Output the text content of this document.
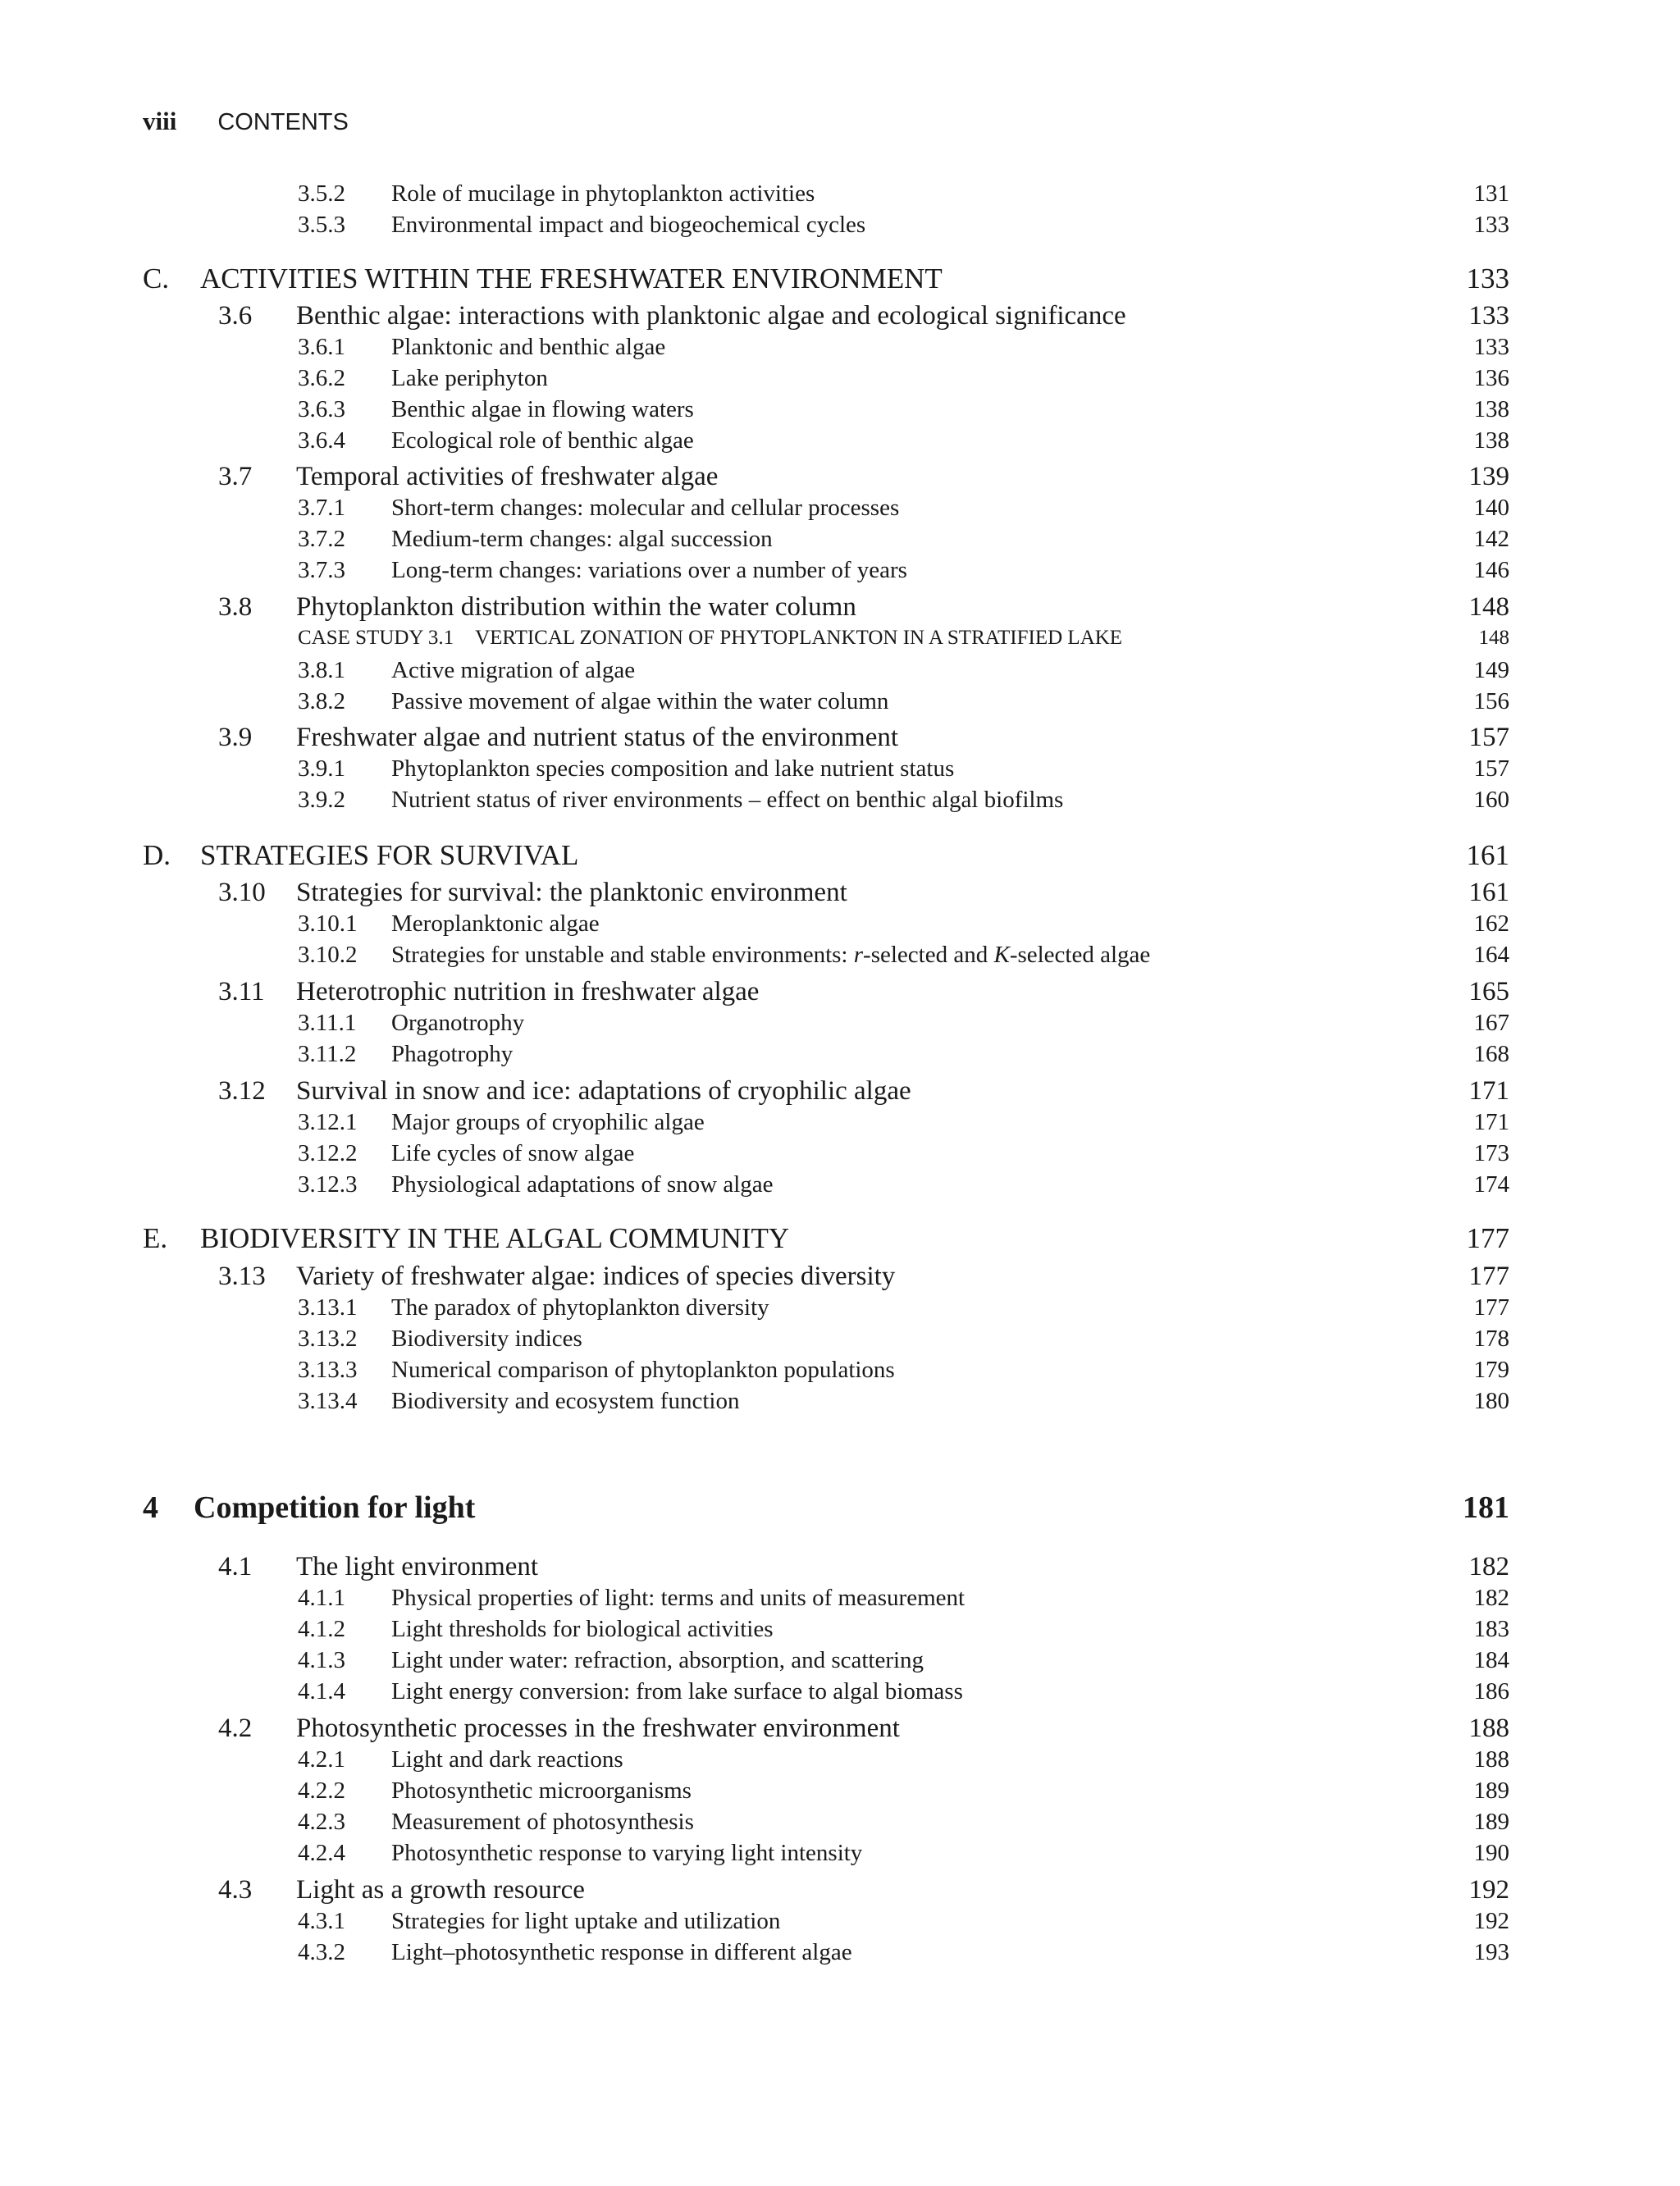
viii CONTENTS
3.5.2 Role of mucilage in phytoplankton activities	131
3.5.3 Environmental impact and biogeochemical cycles	133
C. ACTIVITIES WITHIN THE FRESHWATER ENVIRONMENT	133
3.6 Benthic algae: interactions with planktonic algae and ecological significance	133
3.6.1 Planktonic and benthic algae	133
3.6.2 Lake periphyton	136
3.6.3 Benthic algae in flowing waters	138
3.6.4 Ecological role of benthic algae	138
3.7 Temporal activities of freshwater algae	139
3.7.1 Short-term changes: molecular and cellular processes	140
3.7.2 Medium-term changes: algal succession	142
3.7.3 Long-term changes: variations over a number of years	146
3.8 Phytoplankton distribution within the water column	148
CASE STUDY 3.1 VERTICAL ZONATION OF PHYTOPLANKTON IN A STRATIFIED LAKE	148
3.8.1 Active migration of algae	149
3.8.2 Passive movement of algae within the water column	156
3.9 Freshwater algae and nutrient status of the environment	157
3.9.1 Phytoplankton species composition and lake nutrient status	157
3.9.2 Nutrient status of river environments – effect on benthic algal biofilms	160
D. STRATEGIES FOR SURVIVAL	161
3.10 Strategies for survival: the planktonic environment	161
3.10.1 Meroplanktonic algae	162
3.10.2 Strategies for unstable and stable environments: r-selected and K-selected algae	164
3.11 Heterotrophic nutrition in freshwater algae	165
3.11.1 Organotrophy	167
3.11.2 Phagotrophy	168
3.12 Survival in snow and ice: adaptations of cryophilic algae	171
3.12.1 Major groups of cryophilic algae	171
3.12.2 Life cycles of snow algae	173
3.12.3 Physiological adaptations of snow algae	174
E. BIODIVERSITY IN THE ALGAL COMMUNITY	177
3.13 Variety of freshwater algae: indices of species diversity	177
3.13.1 The paradox of phytoplankton diversity	177
3.13.2 Biodiversity indices	178
3.13.3 Numerical comparison of phytoplankton populations	179
3.13.4 Biodiversity and ecosystem function	180
4 Competition for light	181
4.1 The light environment	182
4.1.1 Physical properties of light: terms and units of measurement	182
4.1.2 Light thresholds for biological activities	183
4.1.3 Light under water: refraction, absorption, and scattering	184
4.1.4 Light energy conversion: from lake surface to algal biomass	186
4.2 Photosynthetic processes in the freshwater environment	188
4.2.1 Light and dark reactions	188
4.2.2 Photosynthetic microorganisms	189
4.2.3 Measurement of photosynthesis	189
4.2.4 Photosynthetic response to varying light intensity	190
4.3 Light as a growth resource	192
4.3.1 Strategies for light uptake and utilization	192
4.3.2 Light–photosynthetic response in different algae	193
